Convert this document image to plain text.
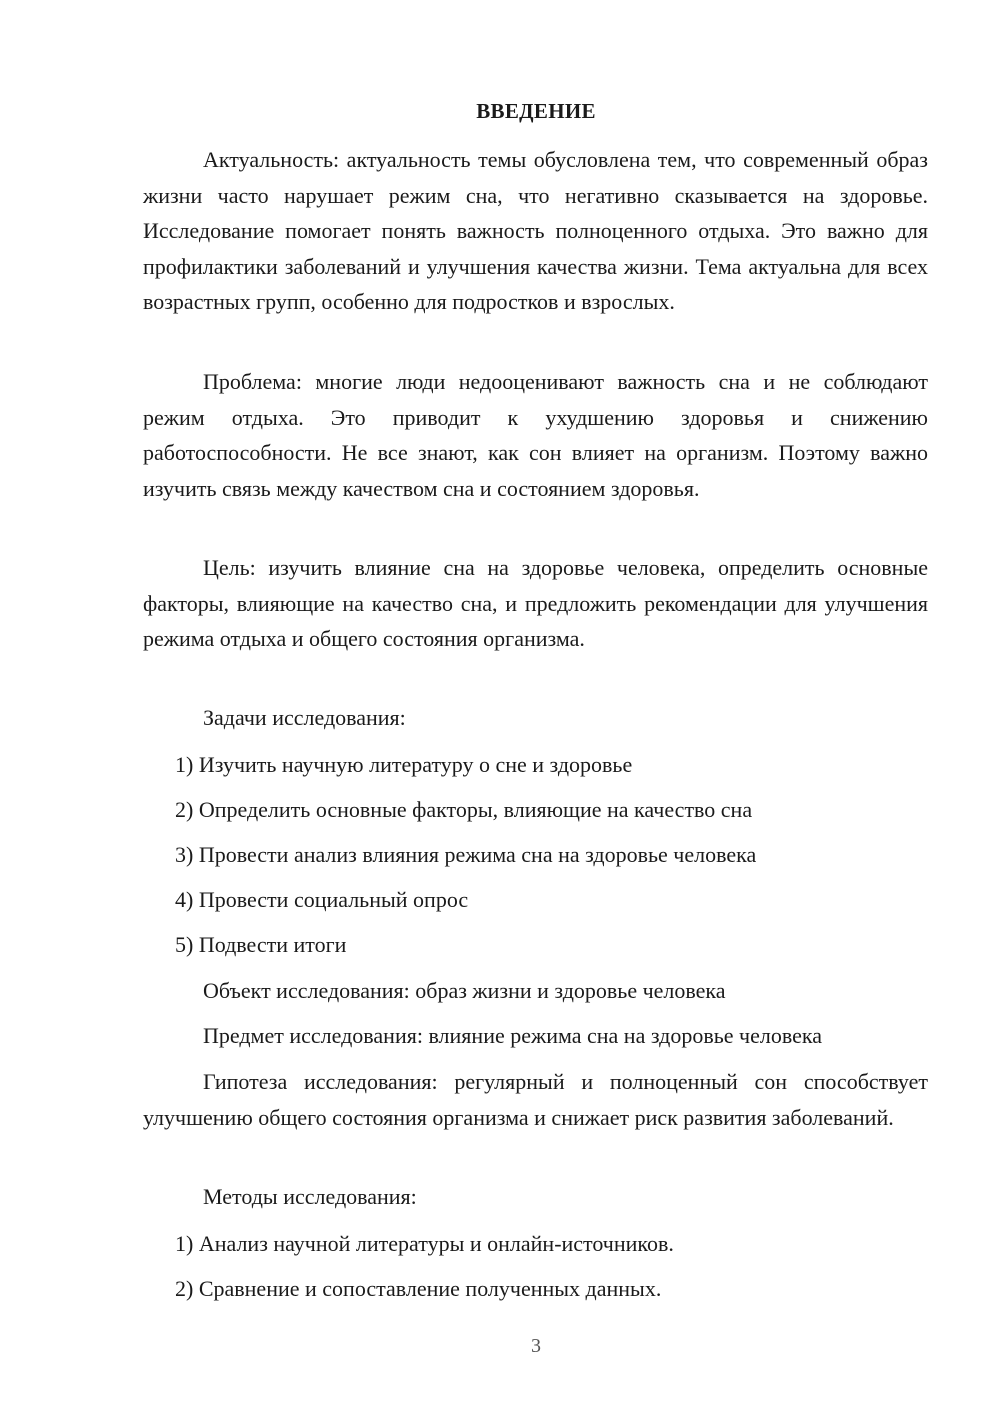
ВВЕДЕНИЕ

Актуальность: актуальность темы обусловлена тем, что современный образ жизни часто нарушает режим сна, что негативно сказывается на здоровье. Исследование помогает понять важность полноценного отдыха. Это важно для профилактики заболеваний и улучшения качества жизни. Тема актуальна для всех возрастных групп, особенно для подростков и взрослых.

Проблема: многие люди недооценивают важность сна и не соблюдают режим отдыха. Это приводит к ухудшению здоровья и снижению работоспособности. Не все знают, как сон влияет на организм. Поэтому важно изучить связь между качеством сна и состоянием здоровья.

Цель: изучить влияние сна на здоровье человека, определить основные факторы, влияющие на качество сна, и предложить рекомендации для улучшения режима отдыха и общего состояния организма.

Задачи исследования:

1) Изучить научную литературу о сне и здоровье

2) Определить основные факторы, влияющие на качество сна

3) Провести анализ влияния режима сна на здоровье человека

4) Провести социальный опрос

5) Подвести итоги

Объект исследования: образ жизни и здоровье человека

Предмет исследования: влияние режима сна на здоровье человека

Гипотеза исследования: регулярный и полноценный сон способствует улучшению общего состояния организма и снижает риск развития заболеваний.

Методы исследования:

1) Анализ научной литературы и онлайн-источников.

2) Сравнение и сопоставление полученных данных.

3
